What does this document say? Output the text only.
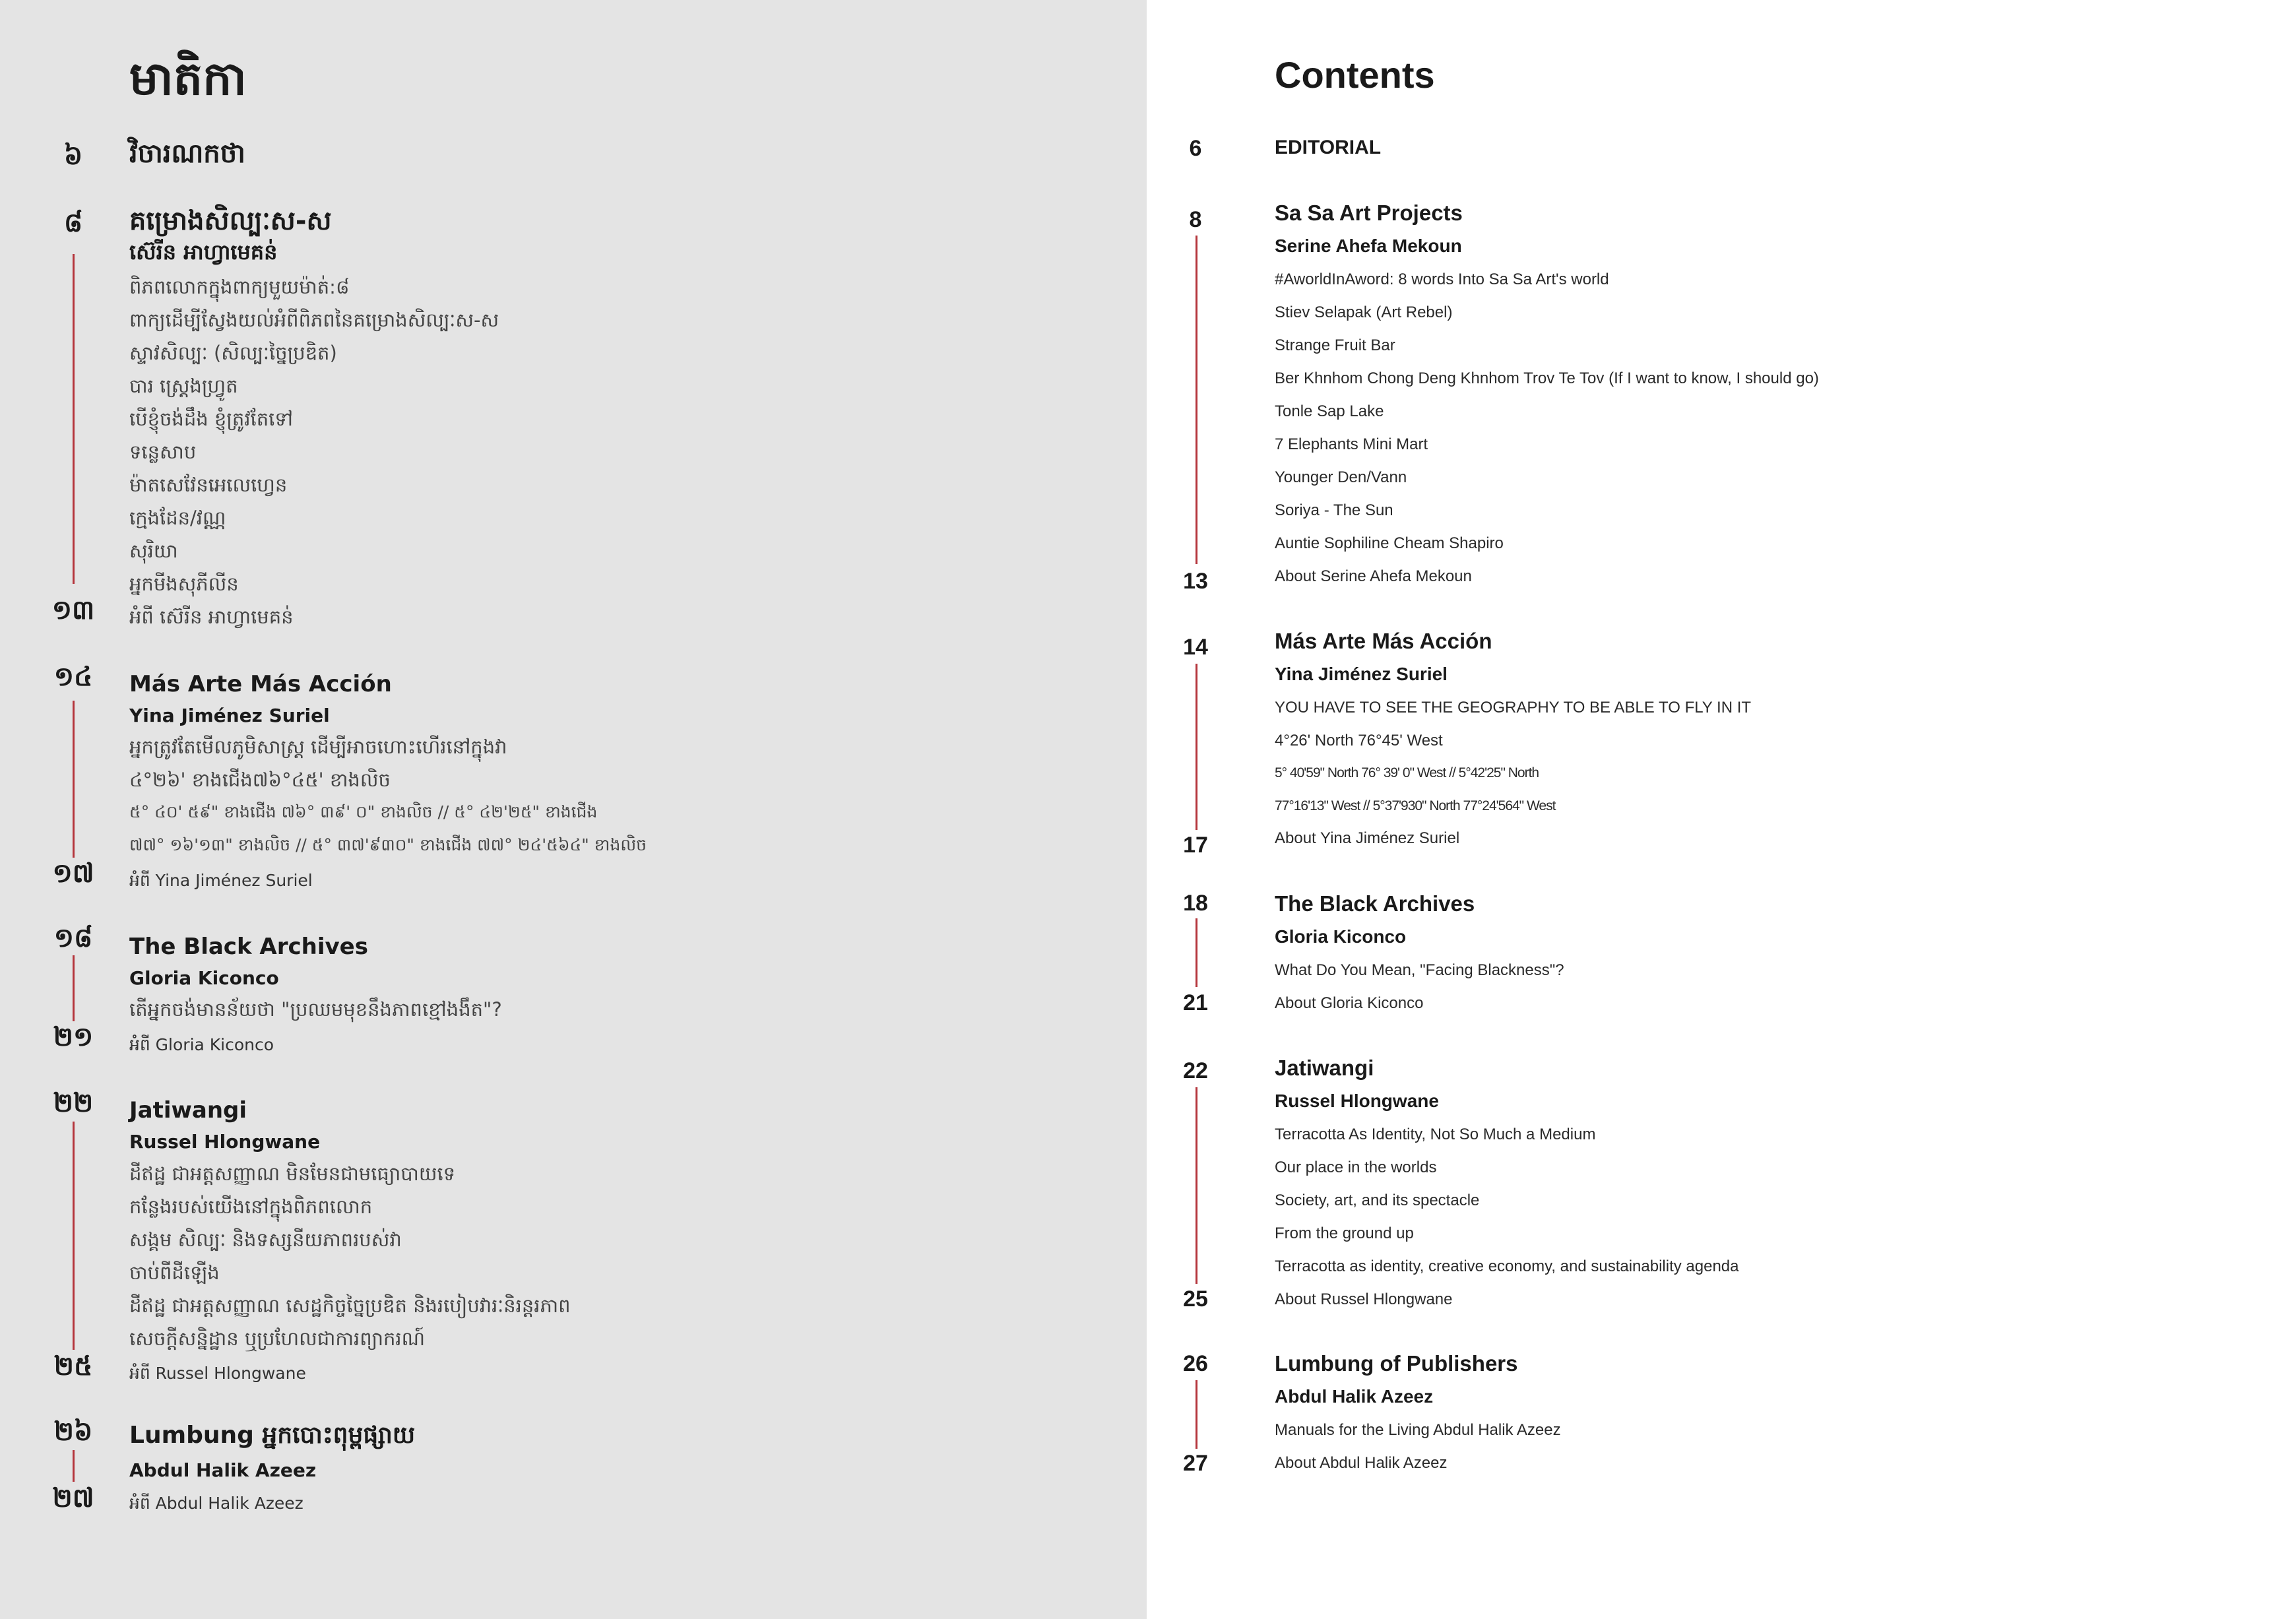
មាតិកា
៦	វិចារណកថា
៨
១៣
គម្រោងសិល្បៈស-ស
ស៊េរីន អាហ្វាមេគន់
ពិភពលោកក្នុងពាក្យមួយម៉ាត់:៨
ពាក្យដើម្បីស្វែងយល់អំពីពិភពនៃគម្រោងសិល្បៈស-ស
ស្ទាវសិល្បៈ (សិល្បៈច្នៃប្រឌិត)
បារ ស្ត្រេងហ្វ្រូត
បើខ្ញុំចង់ដឹង ខ្ញុំត្រូវតែទៅ
ទន្លេសាប
ម៉ាតសេវែនអេលេហ្វេន
ក្មេងដែន/វណ្ណ
សុរិយា
អ្នកមីងសុភីលីន
អំពី ស៊េរីន អាហ្វាមេគន់
១៤
១៧
Más Arte Más Acción
Yina Jiménez Suriel
អ្នកត្រូវតែមើលភូមិសាស្ត្រ ដើម្បីអាចហោះហើរនៅក្នុងវា
៤°២៦' ខាងជើង៧៦°៤៥' ខាងលិច
៥° ៤០' ៥៩" ខាងជើង ៧៦° ៣៩' ០" ខាងលិច // ៥° ៤២'២៥" ខាងជើង
៧៧° ១៦'១៣" ខាងលិច // ៥° ៣៧'៩៣០" ខាងជើង ៧៧° ២៤'៥៦៤" ខាងលិច
អំពី Yina Jiménez Suriel
១៨
២១
The Black Archives
Gloria Kiconco
តើអ្នកចង់មានន័យថា "ប្រឈមមុខនឹងភាពខ្មៅងងឹត"?
អំពី Gloria Kiconco
២២
២៥
Jatiwangi
Russel Hlongwane
ដីឥដ្ឋ ជាអត្តសញ្ញាណ មិនមែនជាមធ្យោបាយទេ
កន្លែងរបស់យើងនៅក្នុងពិភពលោក
សង្គម សិល្បៈ និងទស្សនីយភាពរបស់វា
ចាប់ពីដីឡើង
ដីឥដ្ឋ ជាអត្តសញ្ញាណ សេដ្ឋកិច្ចច្នៃប្រឌិត និងរបៀបវារៈនិរន្តរភាព
សេចក្តីសន្និដ្ឋាន ឬប្រហែលជាការព្យាករណ៍
អំពី Russel Hlongwane
២៦
២៧
Lumbung អ្នកបោះពុម្ពផ្សាយ
Abdul Halik Azeez
អំពី Abdul Halik Azeez
Contents
6	EDITORIAL
8
13
Sa Sa Art Projects
Serine Ahefa Mekoun
#AworldInAword: 8 words Into Sa Sa Art's world
Stiev Selapak (Art Rebel)
Strange Fruit Bar
Ber Khnhom Chong Deng Khnhom Trov Te Tov (If I want to know, I should go)
Tonle Sap Lake
7 Elephants Mini Mart
Younger Den/Vann
Soriya - The Sun
Auntie Sophiline Cheam Shapiro
About Serine Ahefa Mekoun
14
17
Más Arte Más Acción
Yina Jiménez Suriel
YOU HAVE TO SEE THE GEOGRAPHY TO BE ABLE TO FLY IN IT
4°26' North 76°45' West
5° 40'59" North 76° 39' 0" West // 5°42'25" North
77°16'13" West // 5°37'930" North 77°24'564" West
About Yina Jiménez Suriel
18
21
The Black Archives
Gloria Kiconco
What Do You Mean, "Facing Blackness"?
About Gloria Kiconco
22
25
Jatiwangi
Russel Hlongwane
Terracotta As Identity, Not So Much a Medium
Our place in the worlds
Society, art, and its spectacle
From the ground up
Terracotta as identity, creative economy, and sustainability agenda
About Russel Hlongwane
26
27
Lumbung of Publishers
Abdul Halik Azeez
Manuals for the Living Abdul Halik Azeez
About Abdul Halik Azeez
